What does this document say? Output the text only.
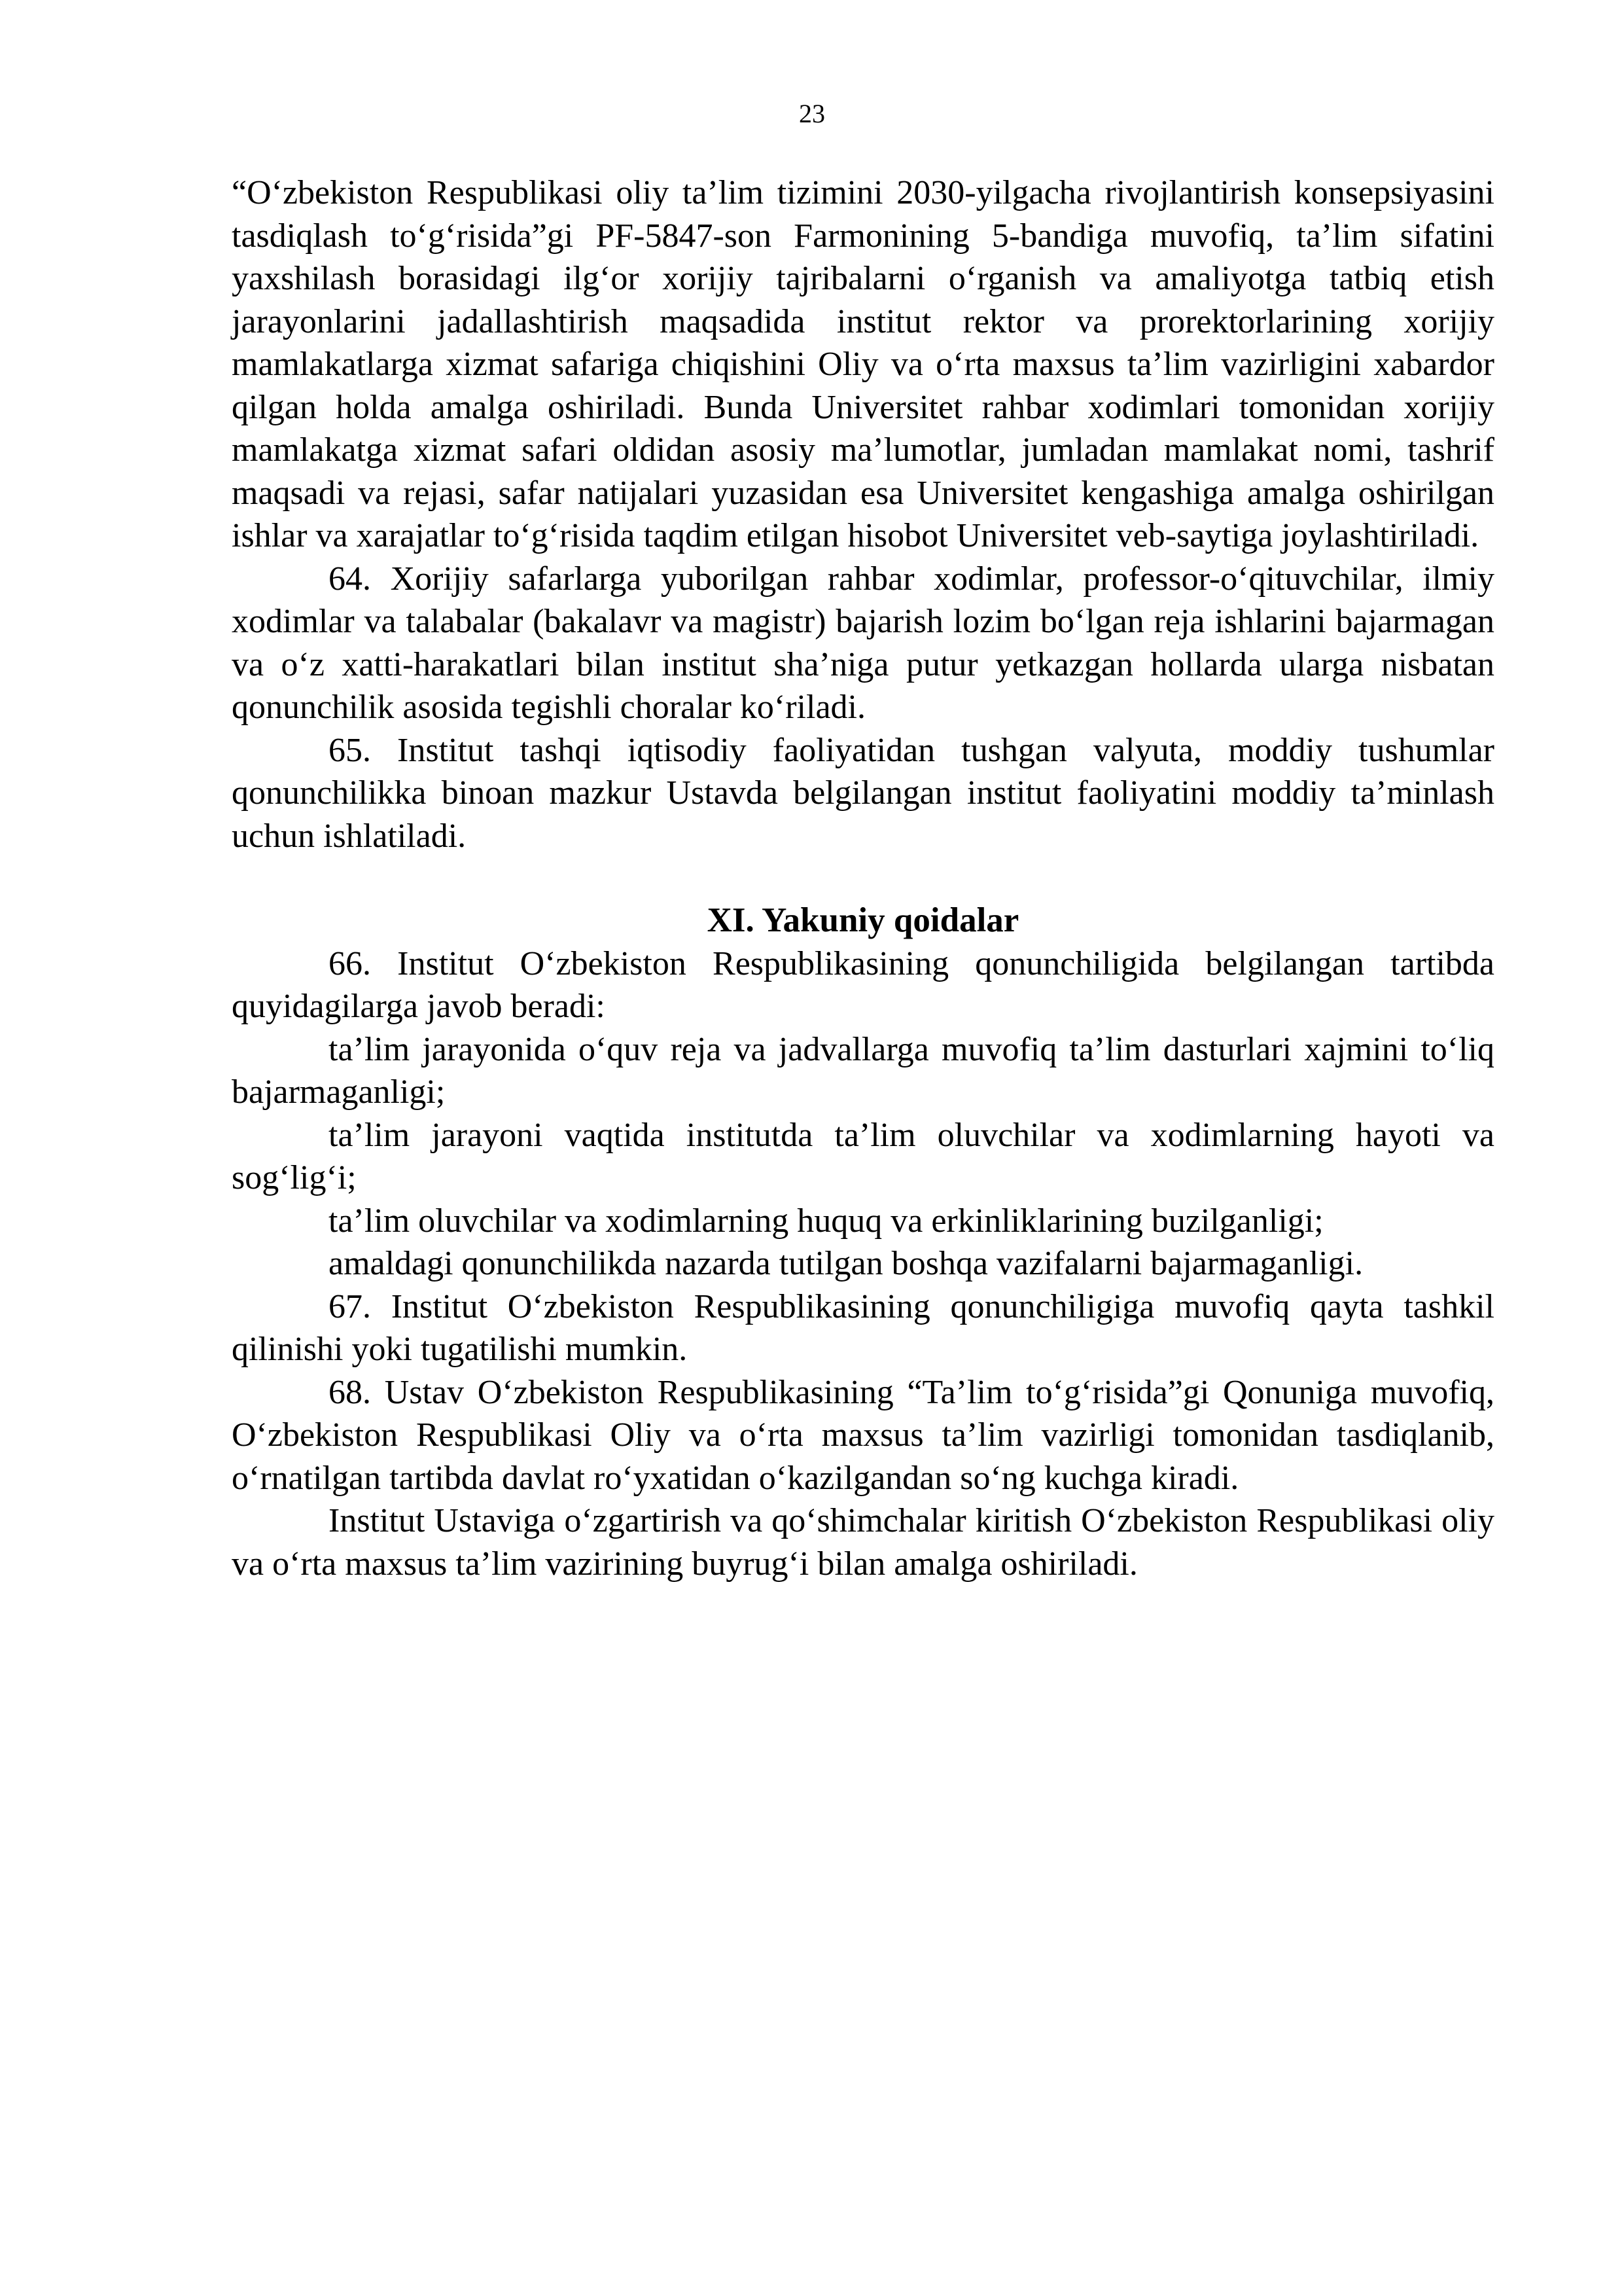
23

“O‘zbekiston Respublikasi oliy ta’lim tizimini 2030-yilgacha rivojlantirish konsepsiyasini tasdiqlash to‘g‘risida”gi PF-5847-son Farmonining 5-bandiga muvofiq, ta’lim sifatini yaxshilash borasidagi ilg‘or xorijiy tajribalarni o‘rganish va amaliyotga tatbiq etish jarayonlarini jadallashtirish maqsadida institut rektor va prorektorlarining xorijiy mamlakatlarga xizmat safariga chiqishini Oliy va o‘rta maxsus ta’lim vazirligini xabardor qilgan holda amalga oshiriladi. Bunda Universitet rahbar xodimlari tomonidan xorijiy mamlakatga xizmat safari oldidan asosiy ma’lumotlar, jumladan mamlakat nomi, tashrif maqsadi va rejasi, safar natijalari yuzasidan esa Universitet kengashiga amalga oshirilgan ishlar va xarajatlar to‘g‘risida taqdim etilgan hisobot Universitet veb-saytiga joylashtiriladi.

64. Xorijiy safarlarga yuborilgan rahbar xodimlar, professor-o‘qituvchilar, ilmiy xodimlar va talabalar (bakalavr va magistr) bajarish lozim bo‘lgan reja ishlarini bajarmagan va o‘z xatti-harakatlari bilan institut sha’niga putur yetkazgan hollarda ularga nisbatan qonunchilik asosida tegishli choralar ko‘riladi.

65. Institut tashqi iqtisodiy faoliyatidan tushgan valyuta, moddiy tushumlar qonunchilikka binoan mazkur Ustavda belgilangan institut faoliyatini moddiy ta’minlash uchun ishlatiladi.

XI. Yakuniy qoidalar

66. Institut O‘zbekiston Respublikasining qonunchiligida belgilangan tartibda quyidagilarga javob beradi:

ta’lim jarayonida o‘quv reja va jadvallarga muvofiq ta’lim dasturlari xajmini to‘liq bajarmaganligi;

ta’lim jarayoni vaqtida institutda ta’lim oluvchilar va xodimlarning hayoti va sog‘lig‘i;

ta’lim oluvchilar va xodimlarning huquq va erkinliklarining buzilganligi;

amaldagi qonunchilikda nazarda tutilgan boshqa vazifalarni bajarmaganligi.

67. Institut O‘zbekiston Respublikasining qonunchiligiga muvofiq qayta tashkil qilinishi yoki tugatilishi mumkin.

68. Ustav O‘zbekiston Respublikasining “Ta’lim to‘g‘risida”gi Qonuniga muvofiq, O‘zbekiston Respublikasi Oliy va o‘rta maxsus ta’lim vazirligi tomonidan tasdiqlanib, o‘rnatilgan tartibda davlat ro‘yxatidan o‘kazilgandan so‘ng kuchga kiradi.

Institut Ustaviga o‘zgartirish va qo‘shimchalar kiritish O‘zbekiston Respublikasi oliy va o‘rta maxsus ta’lim vazirining buyrug‘i bilan amalga oshiriladi.
